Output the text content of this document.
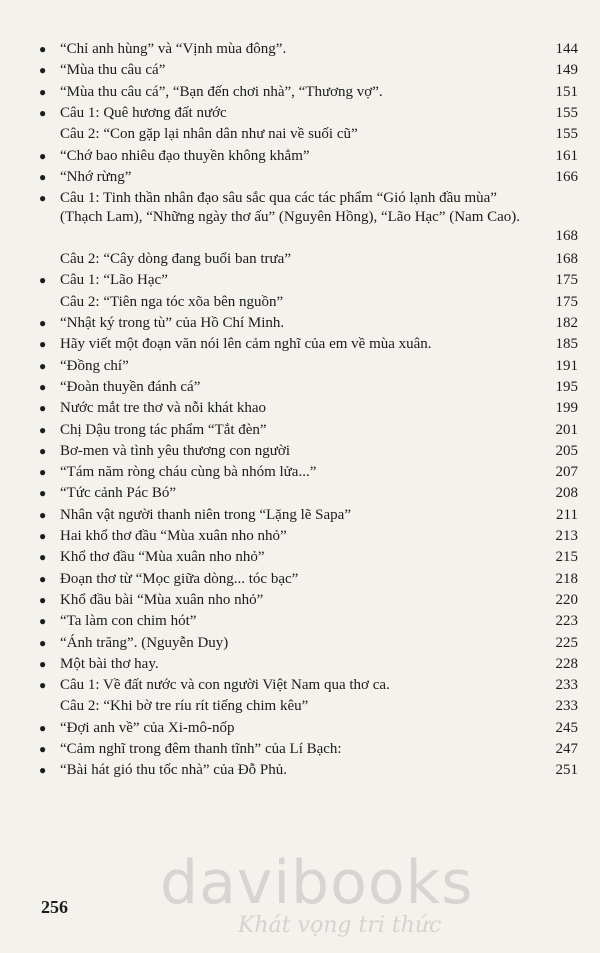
● “Chỉ anh hùng” và “Vịnh mùa đông”.	144
● “Mùa thu câu cá”	149
● “Mùa thu câu cá”, “Bạn đến chơi nhà”, “Thương vợ”.	151
● Câu 1: Quê hương đất nước	155
Câu 2: “Con gặp lại nhân dân như nai về suối cũ”	155
● “Chớ bao nhiêu đạo thuyền không khẳm”	161
● “Nhớ rừng”	166
● Câu 1: Tinh thần nhân đạo sâu sắc qua các tác phẩm “Gió lạnh đầu mùa” (Thạch Lam), “Những ngày thơ ấu” (Nguyên Hồng), “Lão Hạc” (Nam Cao).
168
Câu 2: “Cây dòng đang buổi ban trưa”	168
● Câu 1: “Lão Hạc”	175
Câu 2: “Tiên nga tóc xõa bên nguồn”	175
● “Nhật ký trong tù” của Hồ Chí Minh.	182
● Hãy viết một đoạn văn nói lên cảm nghĩ của em về mùa xuân.	185
● “Đồng chí”	191
● “Đoàn thuyền đánh cá”	195
● Nước mắt tre thơ và nỗi khát khao	199
● Chị Dậu trong tác phẩm “Tắt đèn”	201
● Bơ-men và tình yêu thương con người	205
● “Tám năm ròng cháu cùng bà nhóm lửa...”	207
● “Tức cảnh Pác Bó”	208
● Nhân vật người thanh niên trong “Lặng lẽ Sapa”	211
● Hai khổ thơ đầu “Mùa xuân nho nhỏ”	213
● Khổ thơ đầu “Mùa xuân nho nhỏ”	215
● Đoạn thơ từ “Mọc giữa dòng... tóc bạc”	218
● Khổ đầu bài “Mùa xuân nho nhỏ”	220
● “Ta làm con chim hót”	223
● “Ánh trăng”. (Nguyễn Duy)	225
● Một bài thơ hay.	228
● Câu 1: Về đất nước và con người Việt Nam qua thơ ca.	233
Câu 2: “Khi bờ tre ríu rít tiếng chim kêu”	233
● “Đợi anh về” của Xi-mô-nốp	245
● “Cảm nghĩ trong đêm thanh tĩnh” của Lí Bạch:	247
● “Bài hát gió thu tốc nhà” của Đỗ Phủ.	251
256 davibooks
Khát vọng tri thức
